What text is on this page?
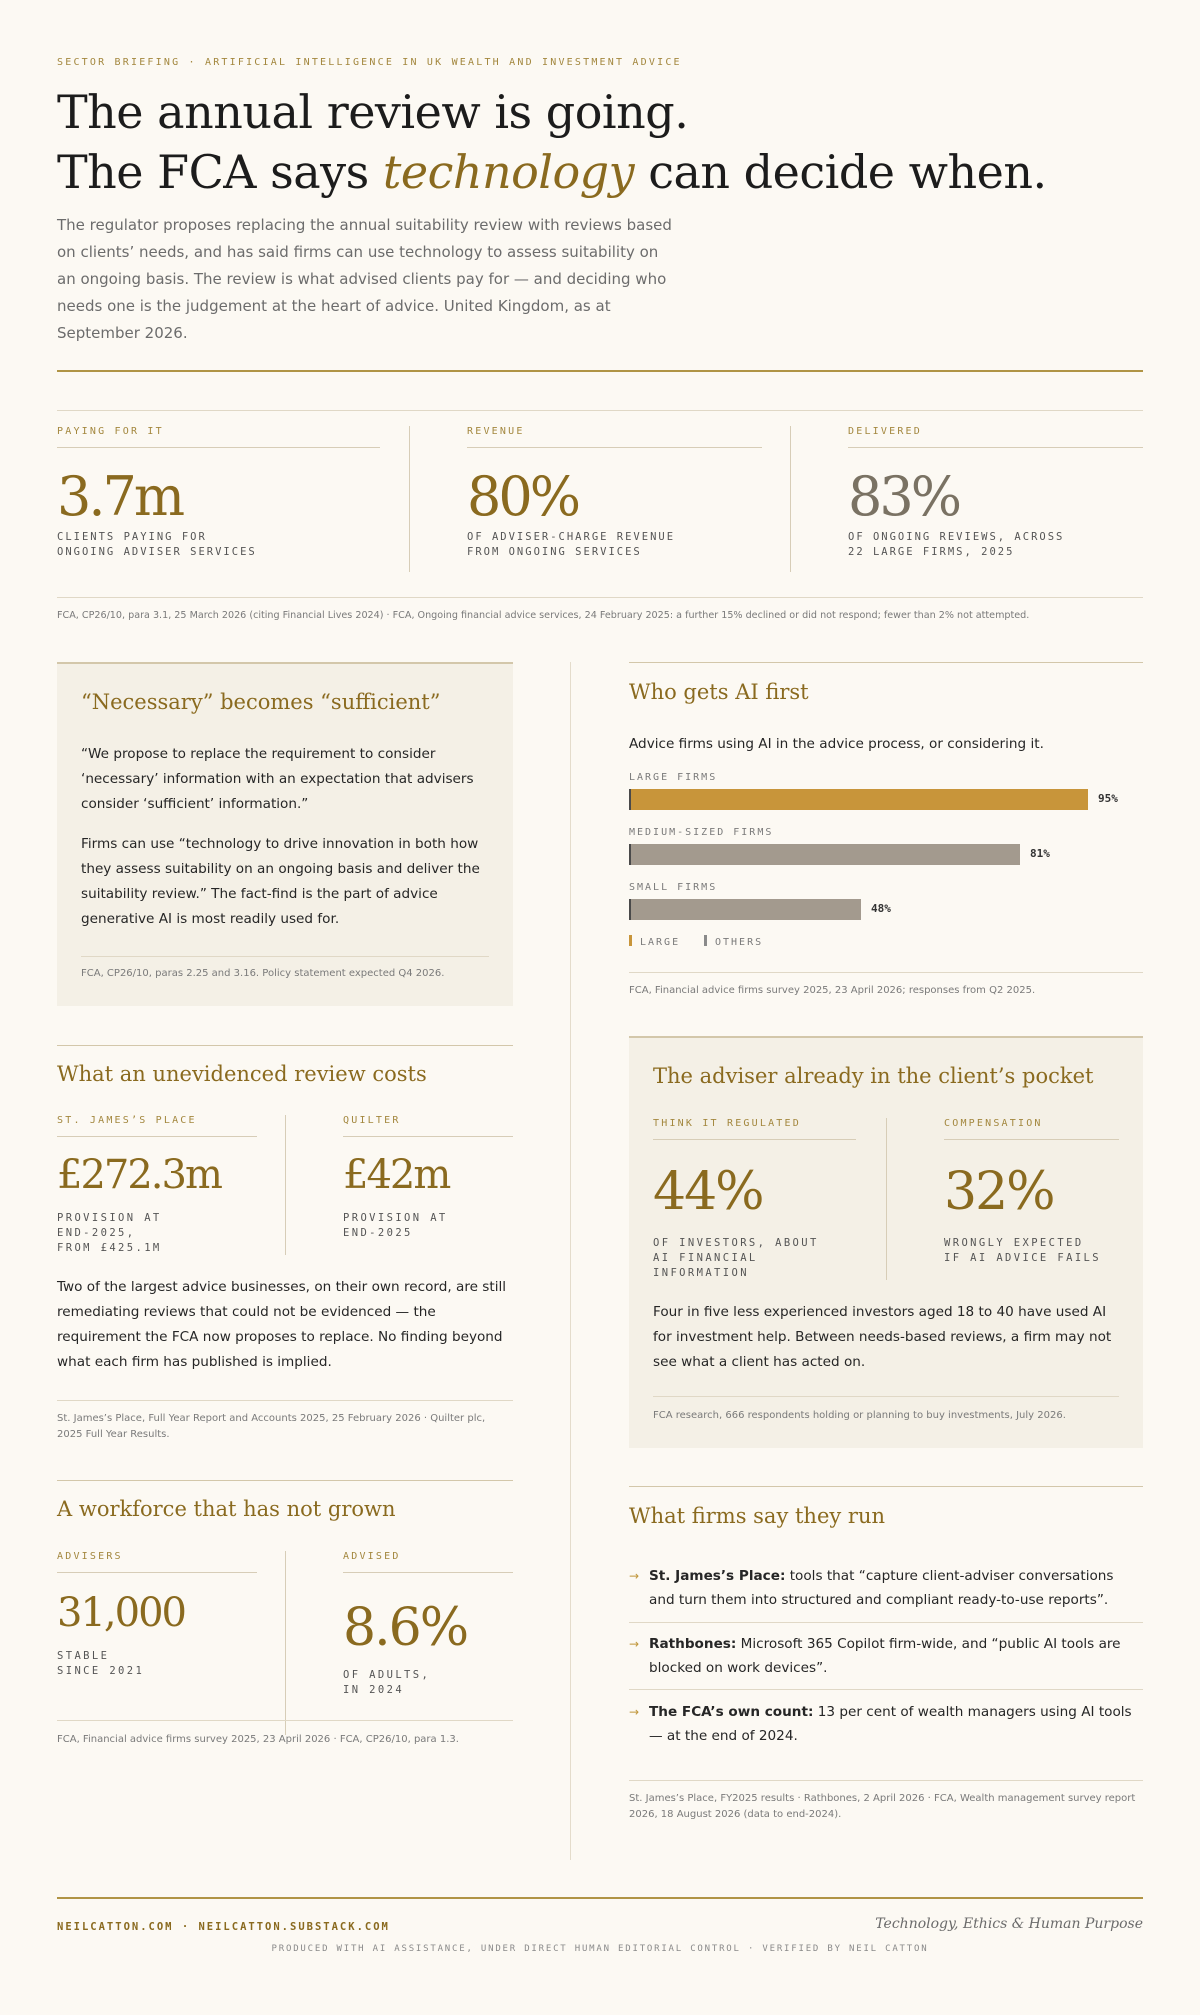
SECTOR BRIEFING · ARTIFICIAL INTELLIGENCE IN UK WEALTH AND INVESTMENT ADVICE
The annual review is going.
The FCA says technology can decide when.

The regulator proposes replacing the annual suitability review with reviews based on clients’ needs, and has said firms can use technology to assess suitability on an ongoing basis. The review is what advised clients pay for — and deciding who needs one is the judgement at the heart of advice. United Kingdom, as at September 2026.

PAYING FOR IT
3.7m
CLIENTS PAYING FOR
ONGOING ADVISER SERVICES
REVENUE
80%
OF ADVISER-CHARGE REVENUE
FROM ONGOING SERVICES
DELIVERED
83%
OF ONGOING REVIEWS, ACROSS
22 LARGE FIRMS, 2025
FCA, CP26/10, para 3.1, 25 March 2026 (citing Financial Lives 2024) · FCA, Ongoing financial advice services, 24 February 2025: a further 15% declined or did not respond; fewer than 2% not attempted.
“Necessary” becomes “sufficient”
“We propose to replace the requirement to consider ‘necessary’ information with an expectation that advisers consider ‘sufficient’ information.”
Firms can use “technology to drive innovation in both how they assess suitability on an ongoing basis and deliver the suitability review.” The fact-find is the part of advice generative AI is most readily used for.
FCA, CP26/10, paras 2.25 and 3.16. Policy statement expected Q4 2026.
Who gets AI first
Advice firms using AI in the advice process, or considering it.
LARGE FIRMS
95%
MEDIUM-SIZED FIRMS
81%
SMALL FIRMS
48%
LARGE	OTHERS
FCA, Financial advice firms survey 2025, 23 April 2026; responses from Q2 2025.
What an unevidenced review costs
ST. JAMES’S PLACE
£272.3m
PROVISION AT
END-2025,
FROM £425.1M
QUILTER
£42m
PROVISION AT
END-2025
Two of the largest advice businesses, on their own record, are still remediating reviews that could not be evidenced — the requirement the FCA now proposes to replace. No finding beyond what each firm has published is implied.
St. James’s Place, Full Year Report and Accounts 2025, 25 February 2026 · Quilter plc, 2025 Full Year Results.
The adviser already in the client’s pocket
THINK IT REGULATED
44%
OF INVESTORS, ABOUT
AI FINANCIAL
INFORMATION
COMPENSATION
32%
WRONGLY EXPECTED
IF AI ADVICE FAILS
Four in five less experienced investors aged 18 to 40 have used AI for investment help. Between needs-based reviews, a firm may not see what a client has acted on.
FCA research, 666 respondents holding or planning to buy investments, July 2026.
A workforce that has not grown
ADVISERS
31,000
STABLE
SINCE 2021
ADVISED
8.6%
OF ADULTS,
IN 2024
FCA, Financial advice firms survey 2025, 23 April 2026 · FCA, CP26/10, para 1.3.
What firms say they run
→ St. James’s Place: tools that “capture client-adviser conversations and turn them into structured and compliant ready-to-use reports”.
→ Rathbones: Microsoft 365 Copilot firm-wide, and “public AI tools are blocked on work devices”.
→ The FCA’s own count: 13 per cent of wealth managers using AI tools — at the end of 2024.
St. James’s Place, FY2025 results · Rathbones, 2 April 2026 · FCA, Wealth management survey report 2026, 18 August 2026 (data to end-2024).
NEILCATTON.COM · NEILCATTON.SUBSTACK.COM	Technology, Ethics & Human Purpose
PRODUCED WITH AI ASSISTANCE, UNDER DIRECT HUMAN EDITORIAL CONTROL · VERIFIED BY NEIL CATTON
